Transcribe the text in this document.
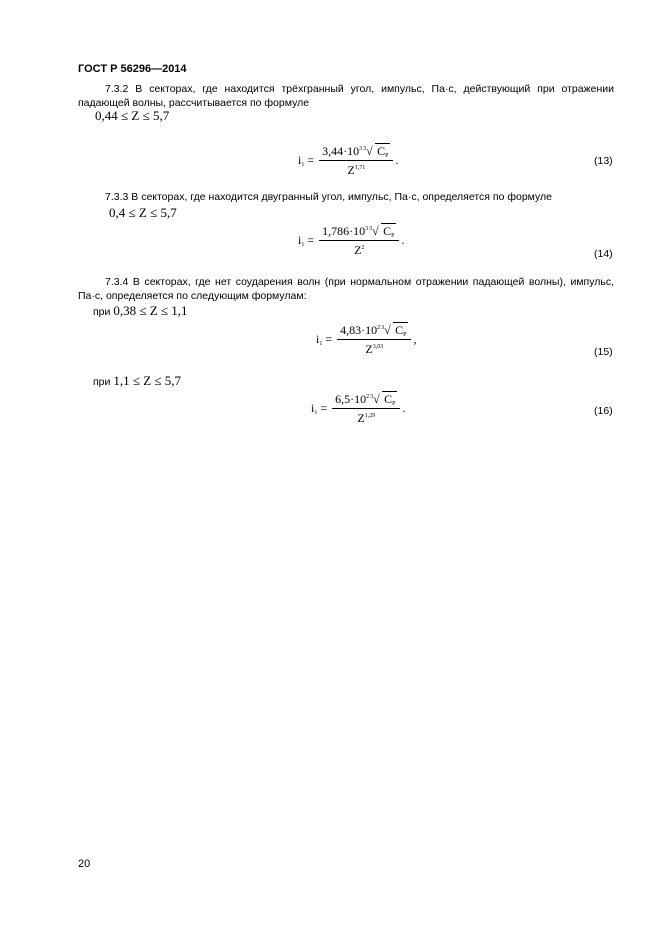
ГОСТ Р 56296—2014
7.3.2 В секторах, где находится трёхгранный угол, импульс, Па·с, действующий при отражении падающей волны, рассчитывается по формуле
0,44 ≤ Z ≤ 5,7
$i_1 = \frac{3,44\cdot 10^{33} √ C_P}{Z^{1,71}}$ .	(13)
7.3.3 В секторах, где находится двугранный угол, импульс, Па·с, определяется по формуле
0,4 ≤ Z ≤ 5,7
$i_1 = \frac{1,786\cdot 10^{33} √ C_P}{Z^2}$ .
(14)
7.3.4 В секторах, где нет соударения волн (при нормальном отражении падающей волны), импульс, Па·с, определяется по следующим формулам:
при 0,38 ≤ Z ≤ 1,1
$i_1 = \frac{4,83\cdot 10^{23} √ C_P}{Z^{3,03}}$ ,
(15)
при 1,1 ≤ Z ≤ 5,7
$i_1 = \frac{6,5\cdot 10^{23} √ C_P}{Z^{1,29}}$ .	(16)
20
